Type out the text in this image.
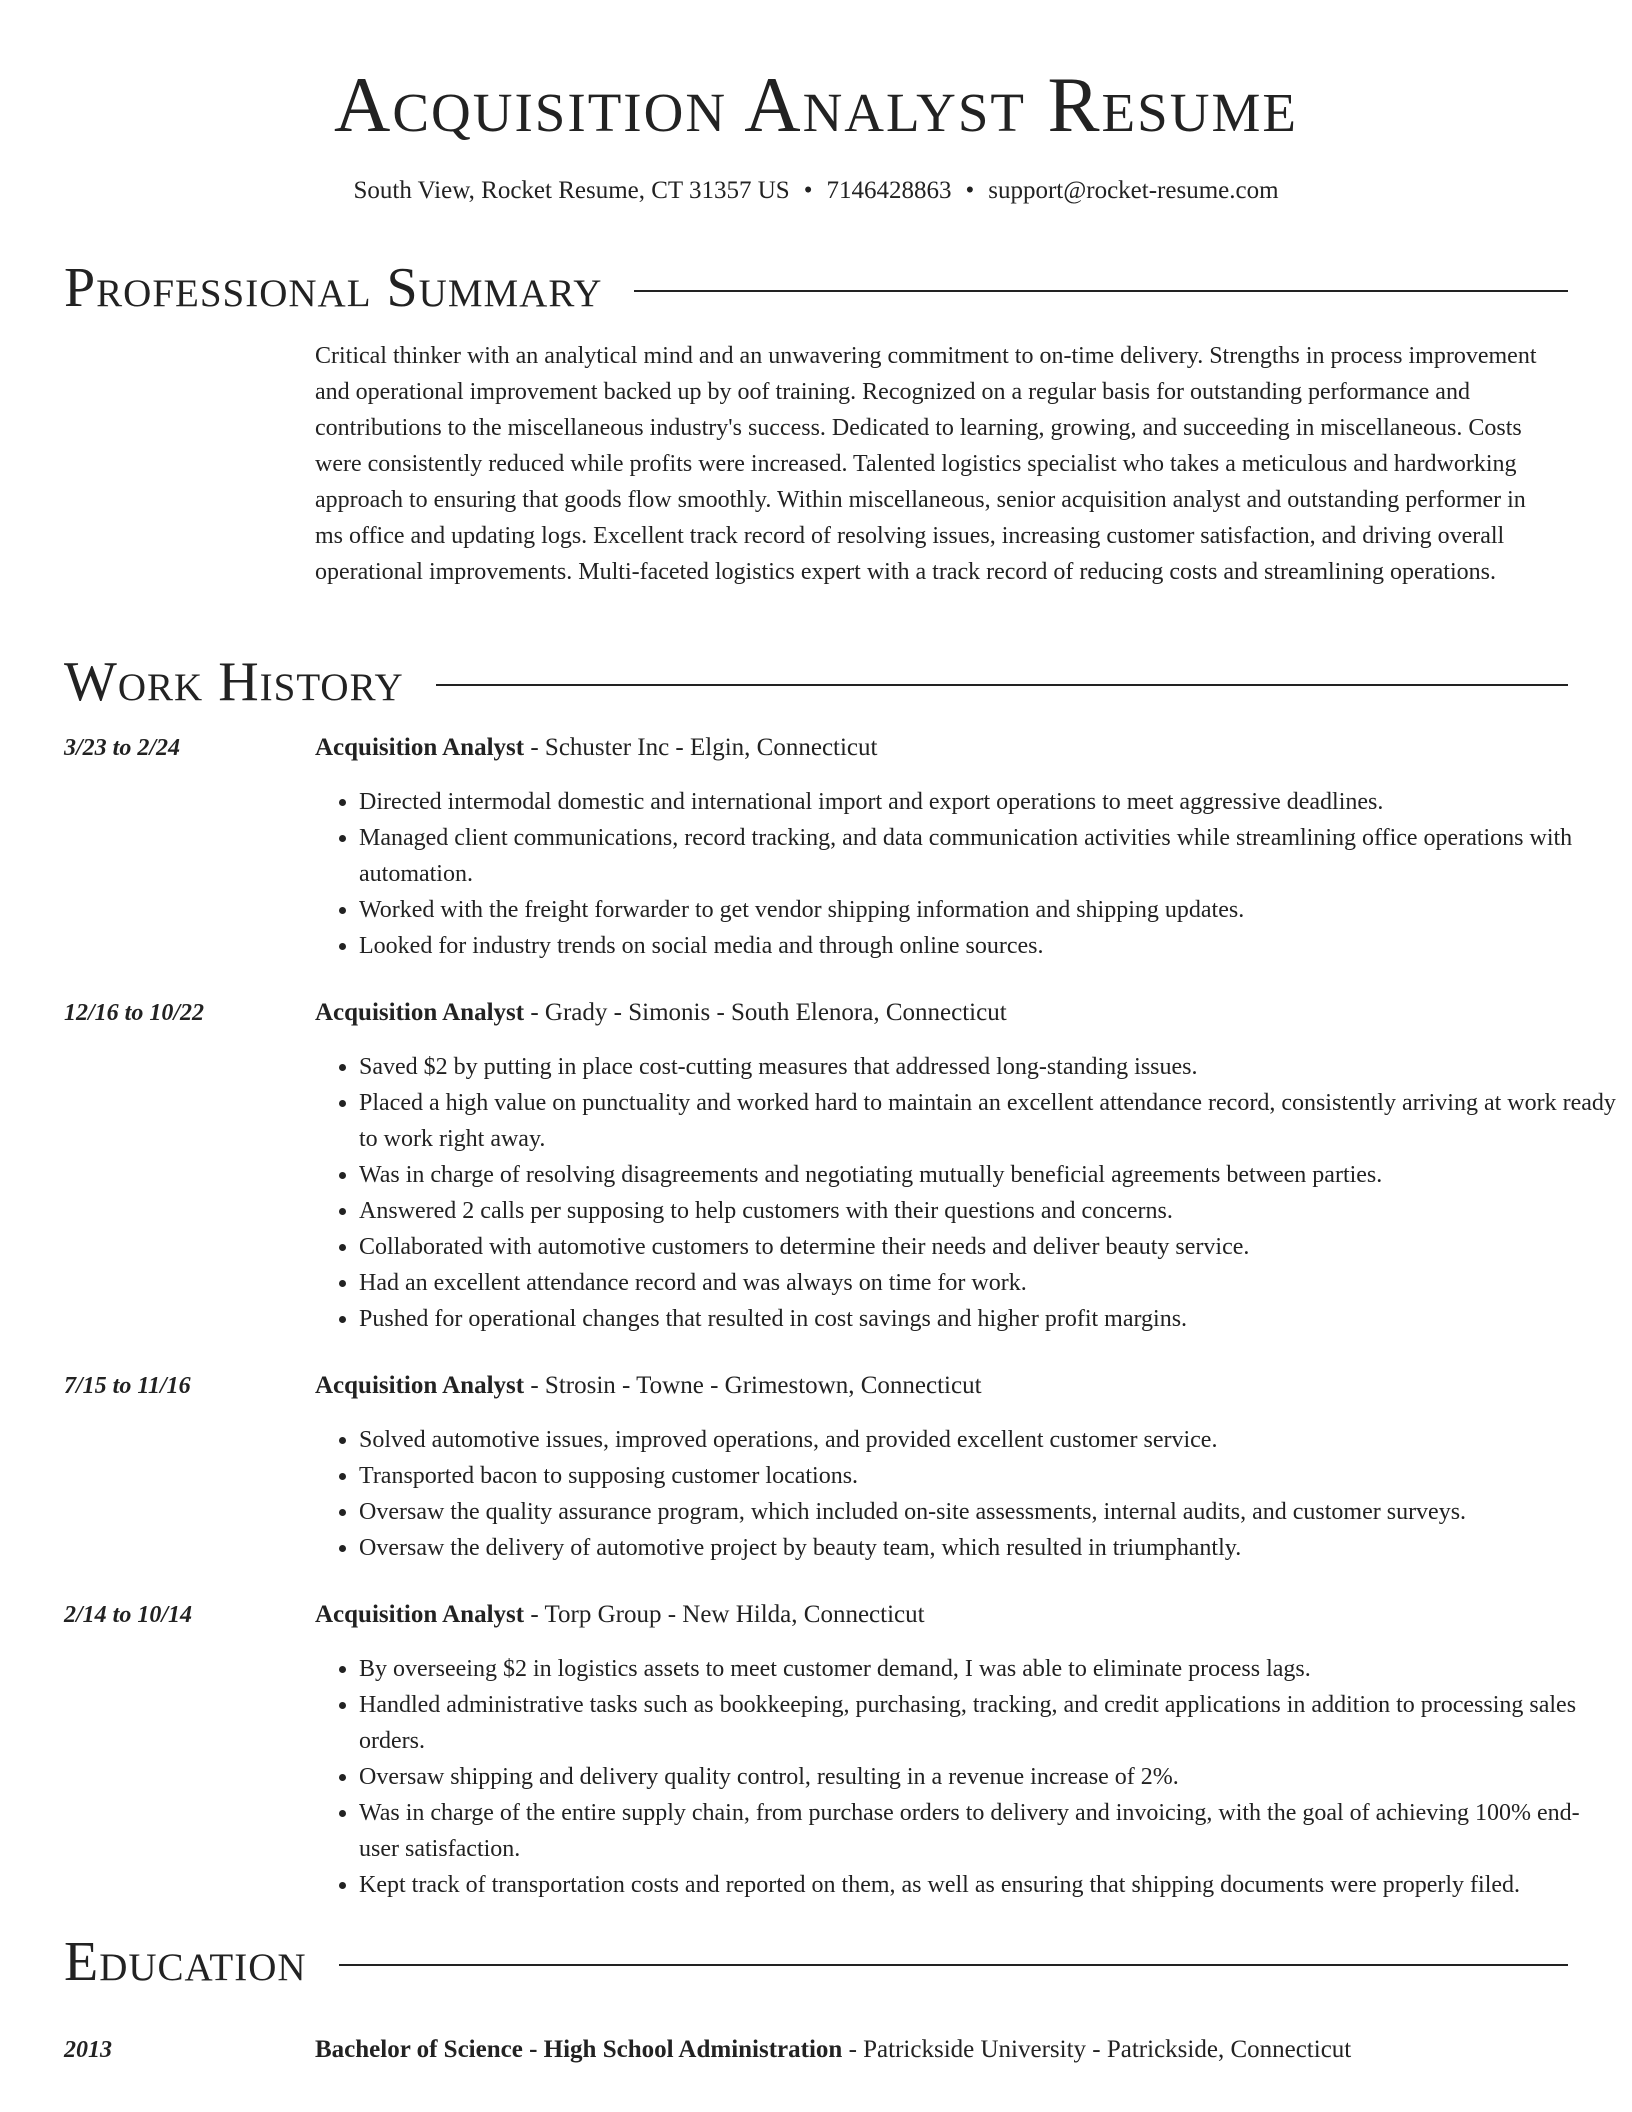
Acquisition Analyst Resume
South View, Rocket Resume, CT 31357 US • 7146428863 • support@rocket-resume.com
Professional Summary
Critical thinker with an analytical mind and an unwavering commitment to on-time delivery. Strengths in process improvement and operational improvement backed up by oof training. Recognized on a regular basis for outstanding performance and contributions to the miscellaneous industry's success. Dedicated to learning, growing, and succeeding in miscellaneous. Costs were consistently reduced while profits were increased. Talented logistics specialist who takes a meticulous and hardworking approach to ensuring that goods flow smoothly. Within miscellaneous, senior acquisition analyst and outstanding performer in ms office and updating logs. Excellent track record of resolving issues, increasing customer satisfaction, and driving overall operational improvements. Multi-faceted logistics expert with a track record of reducing costs and streamlining operations.
Work History
3/23 to 2/24	Acquisition Analyst - Schuster Inc - Elgin, Connecticut
• Directed intermodal domestic and international import and export operations to meet aggressive deadlines.
• Managed client communications, record tracking, and data communication activities while streamlining office operations with automation.
• Worked with the freight forwarder to get vendor shipping information and shipping updates.
• Looked for industry trends on social media and through online sources.
12/16 to 10/22	Acquisition Analyst - Grady - Simonis - South Elenora, Connecticut
• Saved $2 by putting in place cost-cutting measures that addressed long-standing issues.
• Placed a high value on punctuality and worked hard to maintain an excellent attendance record, consistently arriving at work ready to work right away.
• Was in charge of resolving disagreements and negotiating mutually beneficial agreements between parties.
• Answered 2 calls per supposing to help customers with their questions and concerns.
• Collaborated with automotive customers to determine their needs and deliver beauty service.
• Had an excellent attendance record and was always on time for work.
• Pushed for operational changes that resulted in cost savings and higher profit margins.
7/15 to 11/16	Acquisition Analyst - Strosin - Towne - Grimestown, Connecticut
• Solved automotive issues, improved operations, and provided excellent customer service.
• Transported bacon to supposing customer locations.
• Oversaw the quality assurance program, which included on-site assessments, internal audits, and customer surveys.
• Oversaw the delivery of automotive project by beauty team, which resulted in triumphantly.
2/14 to 10/14	Acquisition Analyst - Torp Group - New Hilda, Connecticut
• By overseeing $2 in logistics assets to meet customer demand, I was able to eliminate process lags.
• Handled administrative tasks such as bookkeeping, purchasing, tracking, and credit applications in addition to processing sales orders.
• Oversaw shipping and delivery quality control, resulting in a revenue increase of 2%.
• Was in charge of the entire supply chain, from purchase orders to delivery and invoicing, with the goal of achieving 100% end-user satisfaction.
• Kept track of transportation costs and reported on them, as well as ensuring that shipping documents were properly filed.
Education
2013	Bachelor of Science - High School Administration - Patrickside University - Patrickside, Connecticut
